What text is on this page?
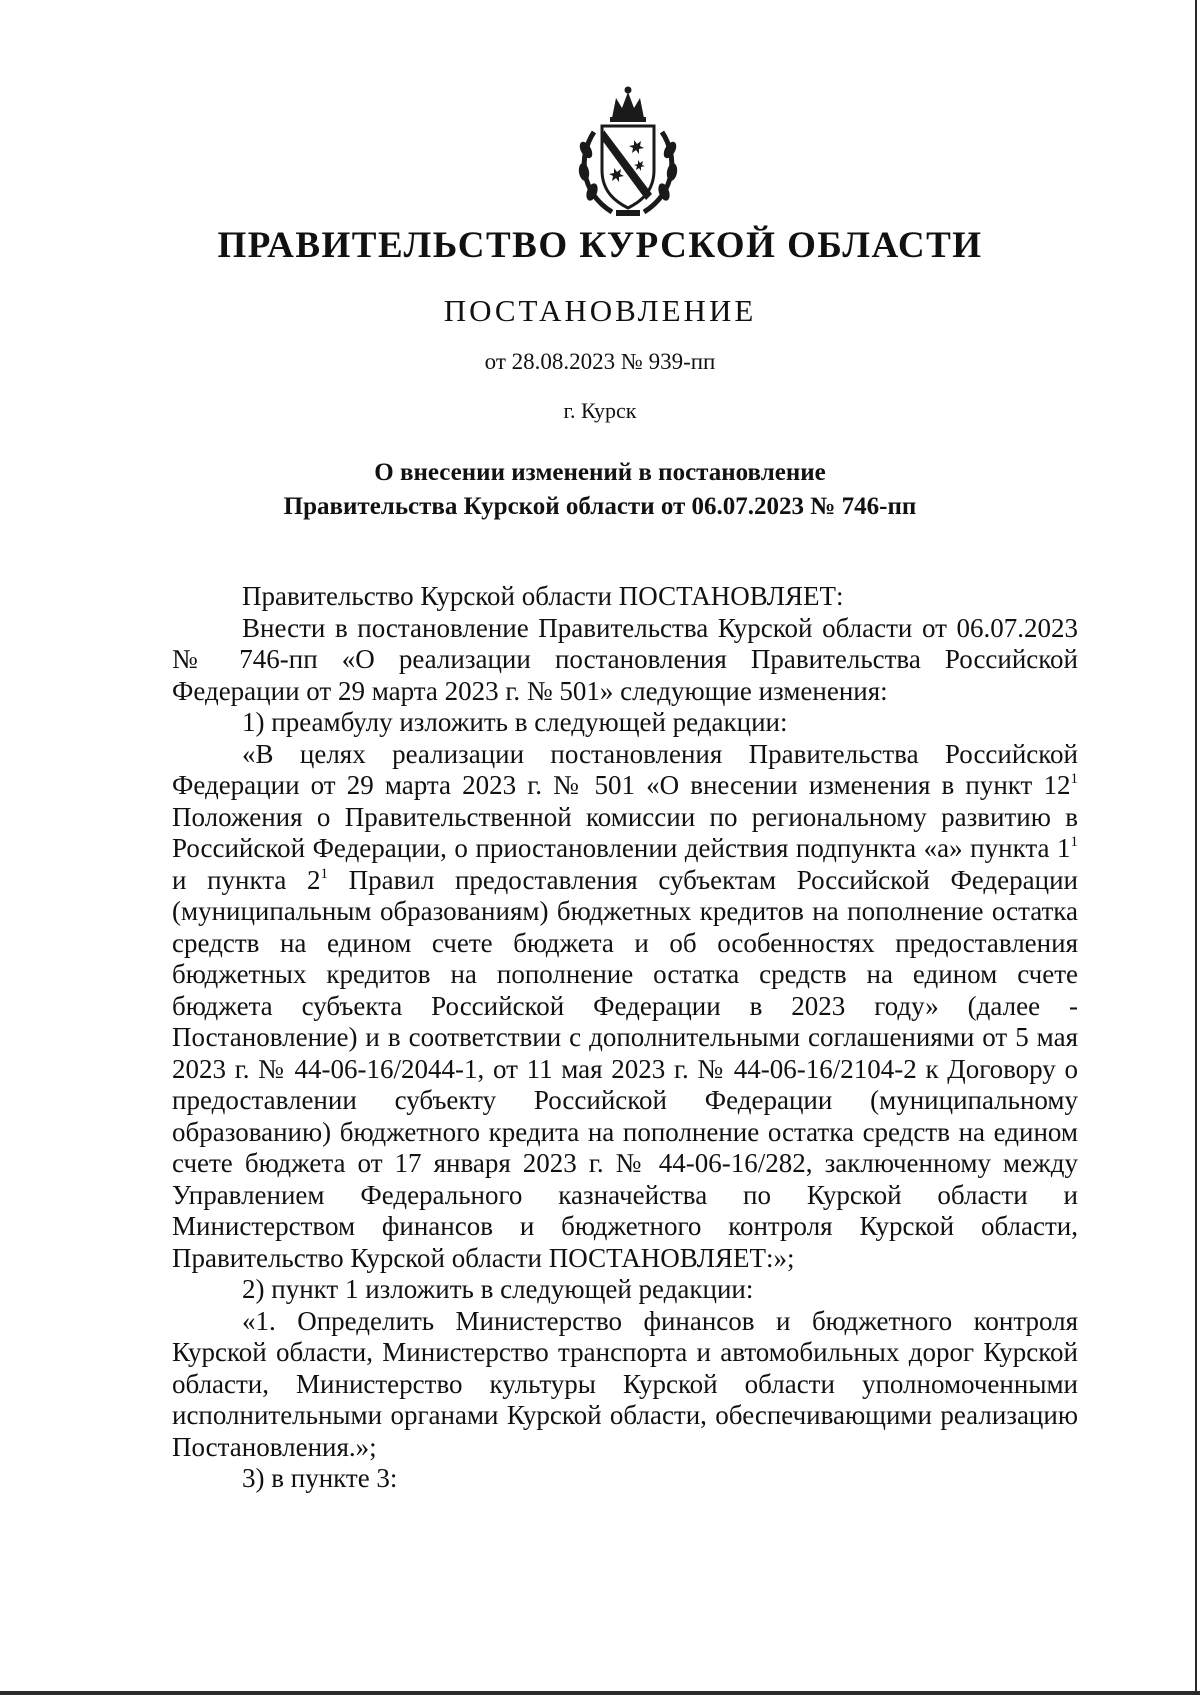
ПРАВИТЕЛЬСТВО КУРСКОЙ ОБЛАСТИ
ПОСТАНОВЛЕНИЕ
от 28.08.2023 № 939-пп
г. Курск
О внесении изменений в постановление
Правительства Курской области от 06.07.2023 № 746-пп

Правительство Курской области ПОСТАНОВЛЯЕТ:

Внести в постановление Правительства Курской области от 06.07.2023 № 746-пп «О реализации постановления Правительства Российской Федерации от 29 марта 2023 г. № 501» следующие изменения:

1) преамбулу изложить в следующей редакции:

«В целях реализации постановления Правительства Российской Федерации от 29 марта 2023 г. № 501 «О внесении изменения в пункт $12^1$ Положения о Правительственной комиссии по региональному развитию в Российской Федерации, о приостановлении действия подпункта «а» пункта $1^1$ и пункта $2^1$ Правил предоставления субъектам Российской Федерации (муниципальным образованиям) бюджетных кредитов на пополнение остатка средств на едином счете бюджета и об особенностях предоставления бюджетных кредитов на пополнение остатка средств на едином счете бюджета субъекта Российской Федерации в 2023 году» (далее - Постановление) и в соответствии с дополнительными соглашениями от 5 мая 2023 г. № 44-06-16/2044-1, от 11 мая 2023 г. № 44-06-16/2104-2 к Договору о предоставлении субъекту Российской Федерации (муниципальному образованию) бюджетного кредита на пополнение остатка средств на едином счете бюджета от 17 января 2023 г. № 44-06-16/282, заключенному между Управлением Федерального казначейства по Курской области и Министерством финансов и бюджетного контроля Курской области, Правительство Курской области ПОСТАНОВЛЯЕТ:»;

2) пункт 1 изложить в следующей редакции:

«1. Определить Министерство финансов и бюджетного контроля Курской области, Министерство транспорта и автомобильных дорог Курской области, Министерство культуры Курской области уполномоченными исполнительными органами Курской области, обеспечивающими реализацию Постановления.»;

3) в пункте 3:
